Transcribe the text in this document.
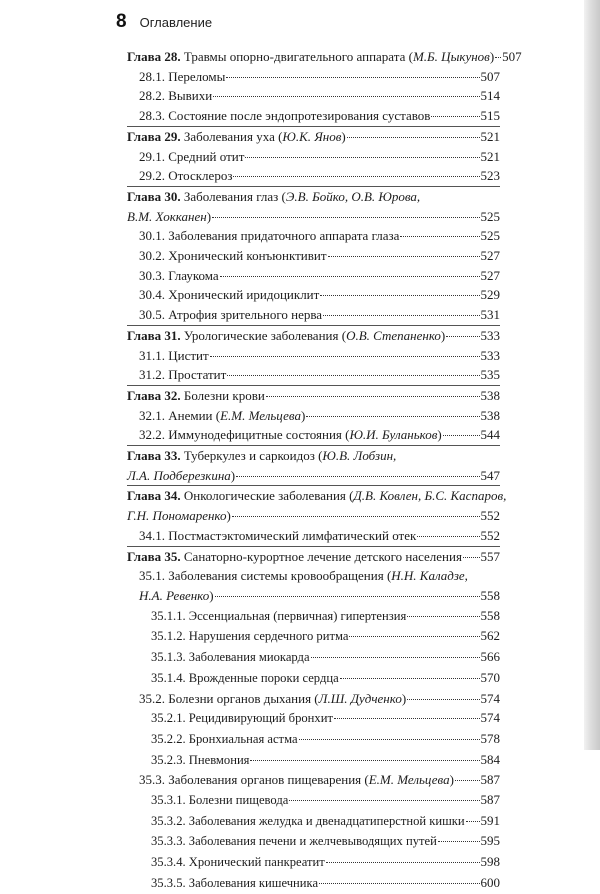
8 Оглавление
Глава 28. Травмы опорно-двигательного аппарата (М.Б. Цыкунов) 507
28.1. Переломы	507
28.2. Вывихи	514
28.3. Состояние после эндопротезирования суставов	515
Глава 29. Заболевания уха (Ю.К. Янов)	521
29.1. Средний отит	521
29.2. Отосклероз	523
Глава 30. Заболевания глаз (Э.В. Бойко, О.В. Юрова,
В.М. Хокканен)	525
30.1. Заболевания придаточного аппарата глаза	525
30.2. Хронический конъюнктивит	527
30.3. Глаукома	527
30.4. Хронический иридоциклит	529
30.5. Атрофия зрительного нерва	531
Глава 31. Урологические заболевания (О.В. Степаненко)	533
31.1. Цистит	533
31.2. Простатит	535
Глава 32. Болезни крови	538
32.1. Анемии (Е.М. Мельцева)	538
32.2. Иммунодефицитные состояния (Ю.И. Буланьков)	544
Глава 33. Туберкулез и саркоидоз (Ю.В. Лобзин,
Л.А. Подберезкина)	547
Глава 34. Онкологические заболевания (Д.В. Ковлен, Б.С. Каспаров,
Г.Н. Пономаренко)	552
34.1. Постмастэктомический лимфатический отек	552
Глава 35. Санаторно-курортное лечение детского населения 557
35.1. Заболевания системы кровообращения (Н.Н. Каладзе,
Н.А. Ревенко)	558
35.1.1. Эссенциальная (первичная) гипертензия	558
35.1.2. Нарушения сердечного ритма	562
35.1.3. Заболевания миокарда	566
35.1.4. Врожденные пороки сердца	570
35.2. Болезни органов дыхания (Л.Ш. Дудченко)	574
35.2.1. Рецидивирующий бронхит	574
35.2.2. Бронхиальная астма	578
35.2.3. Пневмония	584
35.3. Заболевания органов пищеварения (Е.М. Мельцева) 587
35.3.1. Болезни пищевода	587
35.3.2. Заболевания желудка и двенадцатиперстной кишки 591
35.3.3. Заболевания печени и желчевыводящих путей	595
35.3.4. Хронический панкреатит	598
35.3.5. Заболевания кишечника	600
